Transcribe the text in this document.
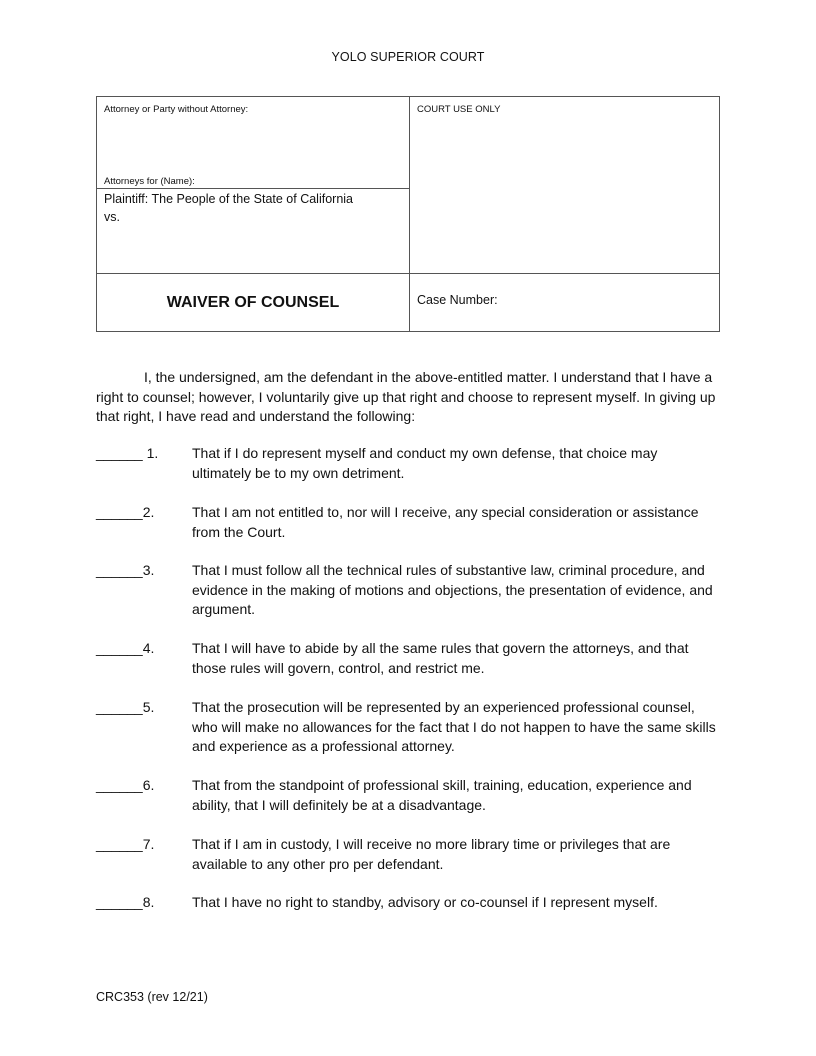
YOLO SUPERIOR COURT
Attorney or Party without Attorney:
Attorneys for (Name):
COURT USE ONLY
Plaintiff: The People of the State of California
vs.
WAIVER OF COUNSEL	Case Number:

I, the undersigned, am the defendant in the above-entitled matter. I understand that I have a right to counsel; however, I voluntarily give up that right and choose to represent myself. In giving up that right, I have read and understand the following:

______ 1. That if I do represent myself and conduct my own defense, that choice may ultimately be to my own detriment.
______2.	That I am not entitled to, nor will I receive, any special consideration or assistance from the Court.
______3.	That I must follow all the technical rules of substantive law, criminal procedure, and evidence in the making of motions and objections, the presentation of evidence, and argument.
______4.	That I will have to abide by all the same rules that govern the attorneys, and that those rules will govern, control, and restrict me.
______5.	That the prosecution will be represented by an experienced professional counsel, who will make no allowances for the fact that I do not happen to have the same skills and experience as a professional attorney.
______6.	That from the standpoint of professional skill, training, education, experience and ability, that I will definitely be at a disadvantage.
______7.	That if I am in custody, I will receive no more library time or privileges that are available to any other pro per defendant.
______8.	That I have no right to standby, advisory or co-counsel if I represent myself.
CRC353 (rev 12/21)
